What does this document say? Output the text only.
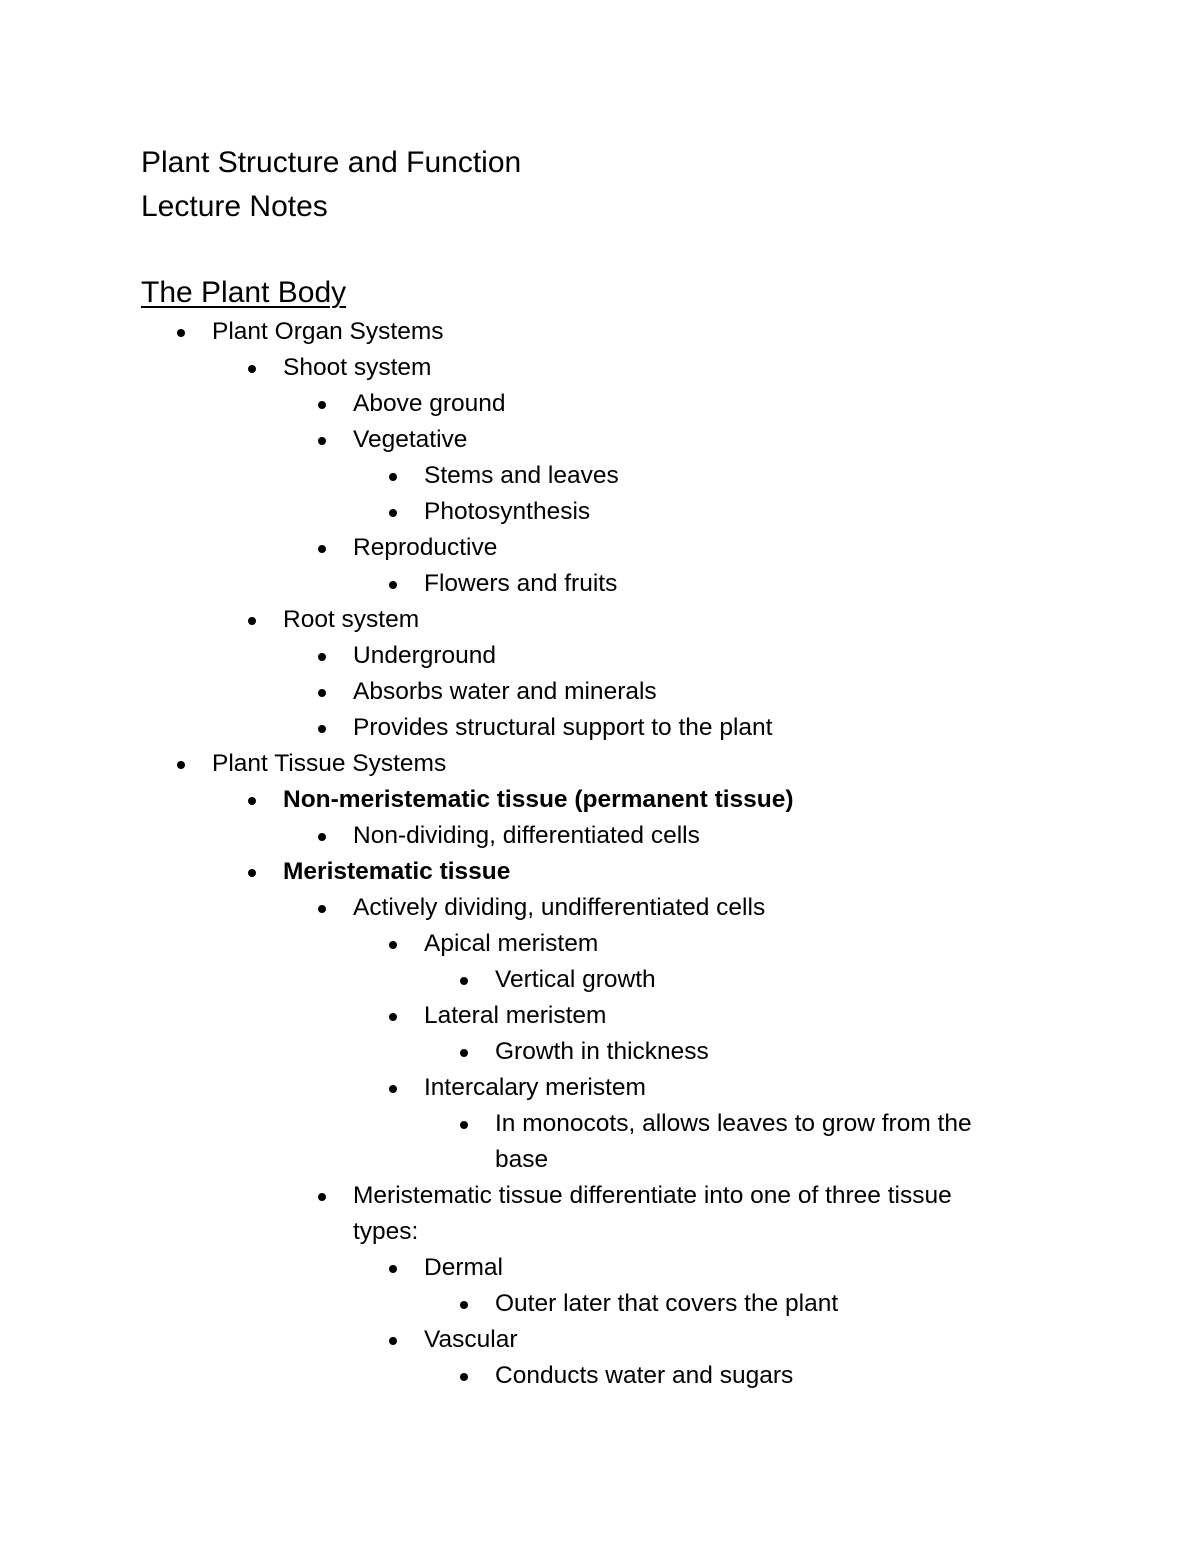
Plant Structure and Function
Lecture Notes
The Plant Body
Plant Organ Systems
Shoot system
Above ground
Vegetative
Stems and leaves
Photosynthesis
Reproductive
Flowers and fruits
Root system
Underground
Absorbs water and minerals
Provides structural support to the plant
Plant Tissue Systems
Non-meristematic tissue (permanent tissue)
Non-dividing, differentiated cells
Meristematic tissue
Actively dividing, undifferentiated cells
Apical meristem
Vertical growth
Lateral meristem
Growth in thickness
Intercalary meristem
In monocots, allows leaves to grow from the
base
Meristematic tissue differentiate into one of three tissue
types:
Dermal
Outer later that covers the plant
Vascular
Conducts water and sugars
